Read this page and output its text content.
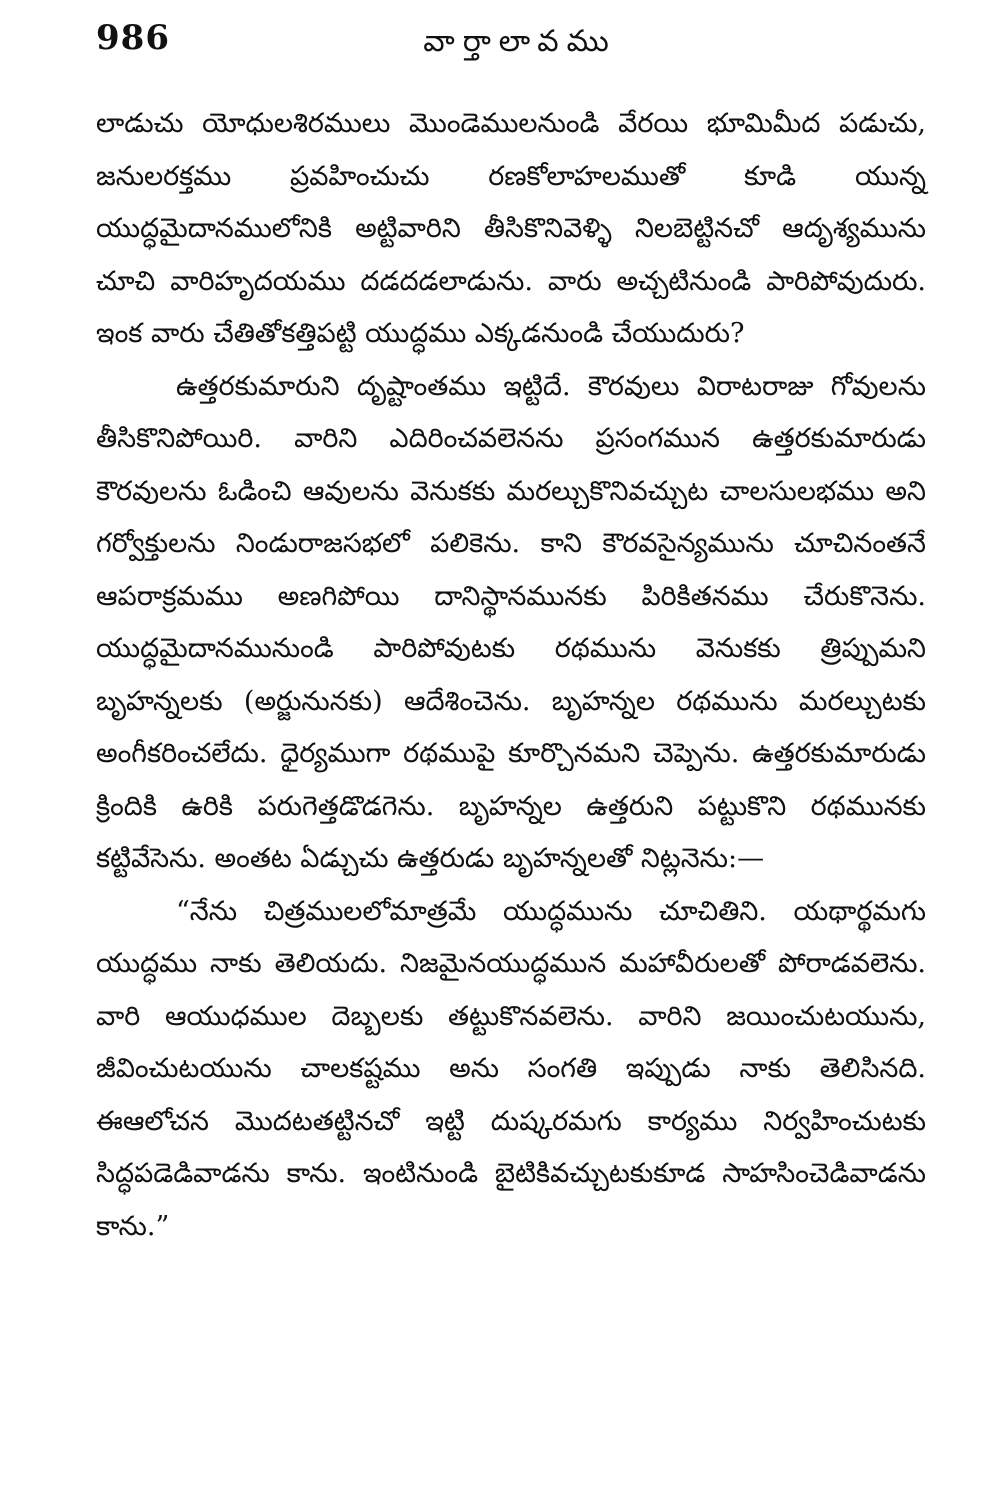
986	వార్తాలావము

లాడుచు యోధులశిరములు మొండెములనుండి వేరయి భూమిమీద పడుచు, జనులరక్తము ప్రవహించుచు రణకోలాహలముతో కూడి యున్న యుద్ధమైదానములోనికి అట్టివారిని తీసికొనివెళ్ళి నిలబెట్టినచో ఆదృశ్యమును చూచి వారిహృదయము దడదడలాడును. వారు అచ్చటినుండి పారిపోవుదురు. ఇంక వారు చేతితోకత్తిపట్టి యుద్ధము ఎక్కడనుండి చేయుదురు?

ఉత్తరకుమారుని దృష్టాంతము ఇట్టిదే. కౌరవులు విరాటరాజు గోవులను తీసికొనిపోయిరి. వారిని ఎదిరించవలెనను ప్రసంగమున ఉత్తరకుమారుడు కౌరవులను ఓడించి ఆవులను వెనుకకు మరల్చుకొనివచ్చుట చాలసులభము అని గర్వోక్తులను నిండురాజసభలో పలికెను. కాని కౌరవసైన్యమును చూచినంతనే ఆపరాక్రమము అణగిపోయి దానిస్థానమునకు పిరికితనము చేరుకొనెను. యుద్ధమైదానమునుండి పారిపోవుటకు రథమును వెనుకకు త్రిప్పుమని బృహన్నలకు (అర్జునునకు) ఆదేశించెను. బృహన్నల రథమును మరల్చుటకు అంగీకరించలేదు. ధైర్యముగా రథముపై కూర్చొనమని చెప్పెను. ఉత్తరకుమారుడు క్రిందికి ఉరికి పరుగెత్తడొడగెను. బృహన్నల ఉత్తరుని పట్టుకొని రథమునకు కట్టివేసెను. అంతట ఏడ్చుచు ఉత్తరుడు బృహన్నలతో నిట్లనెను:—

“నేను చిత్రములలోమాత్రమే యుద్ధమును చూచితిని. యథార్థమగు యుద్ధము నాకు తెలియదు. నిజమైనయుద్ధమున మహావీరులతో పోరాడవలెను. వారి ఆయుధముల దెబ్బలకు తట్టుకొనవలెను. వారిని జయించుటయును, జీవించుటయును చాలకష్టము అను సంగతి ఇప్పుడు నాకు తెలిసినది. ఈఆలోచన మొదటతట్టినచో ఇట్టి దుష్కరమగు కార్యము నిర్వహించుటకు సిద్ధపడెడివాడను కాను. ఇంటినుండి బైటికివచ్చుటకుకూడ సాహసించెడివాడను కాను.”
